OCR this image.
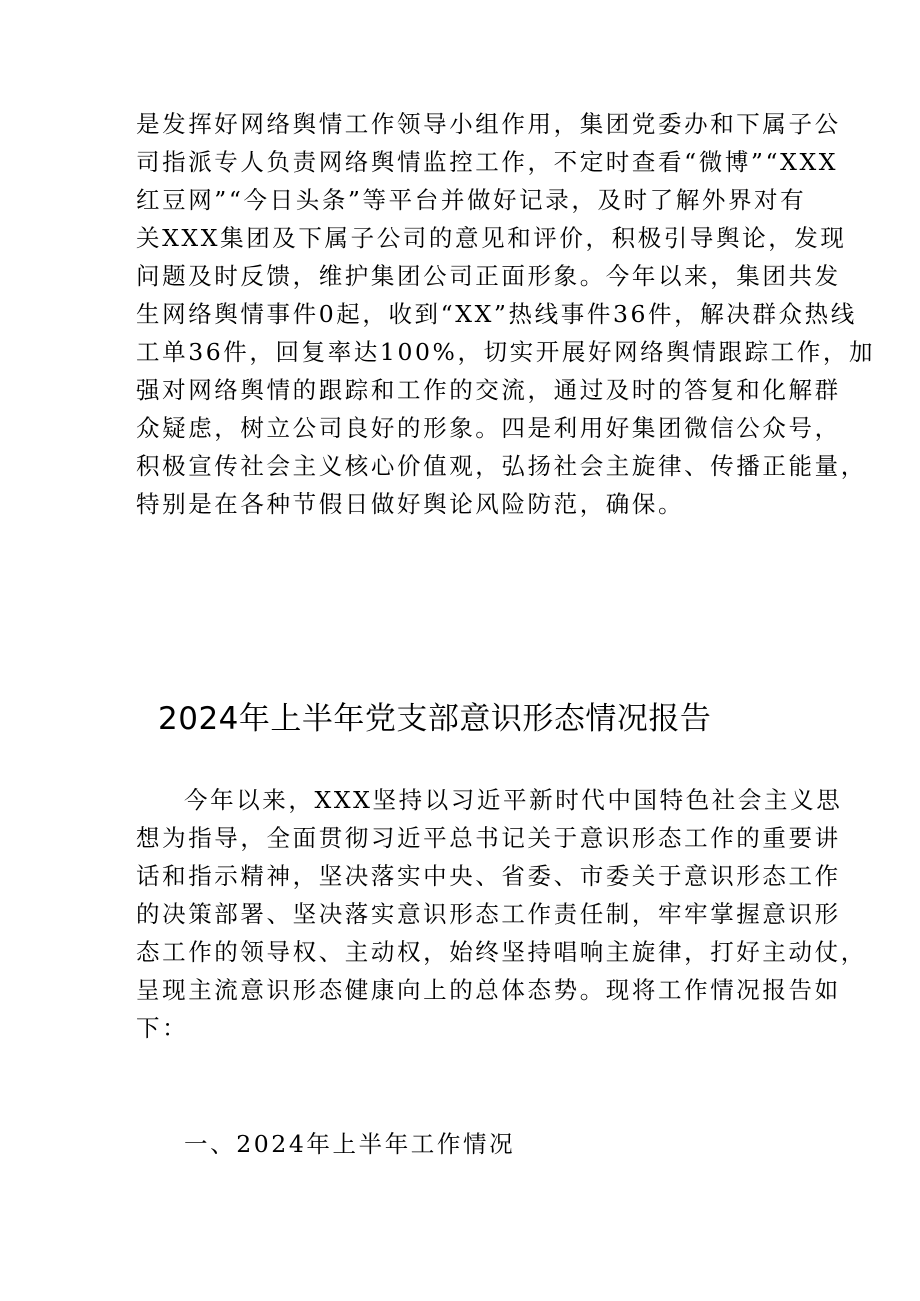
是发挥好网络舆情工作领导小组作用，集团党委办和下属子公

司指派专人负责网络舆情监控工作，不定时查看“微博”“XXX

红豆网”“今日头条”等平台并做好记录，及时了解外界对有

关XXX集团及下属子公司的意见和评价，积极引导舆论，发现

问题及时反馈，维护集团公司正面形象。今年以来，集团共发

生网络舆情事件0起，收到“XX”热线事件36件，解决群众热线

工单36件，回复率达100%，切实开展好网络舆情跟踪工作，加

强对网络舆情的跟踪和工作的交流，通过及时的答复和化解群

众疑虑，树立公司良好的形象。四是利用好集团微信公众号，

积极宣传社会主义核心价值观，弘扬社会主旋律、传播正能量，

特别是在各种节假日做好舆论风险防范，确保。

2024年上半年党支部意识形态情况报告

今年以来，XXX坚持以习近平新时代中国特色社会主义思

想为指导，全面贯彻习近平总书记关于意识形态工作的重要讲

话和指示精神，坚决落实中央、省委、市委关于意识形态工作

的决策部署、坚决落实意识形态工作责任制，牢牢掌握意识形

态工作的领导权、主动权，始终坚持唱响主旋律，打好主动仗，

呈现主流意识形态健康向上的总体态势。现将工作情况报告如

下：

一、2024年上半年工作情况
